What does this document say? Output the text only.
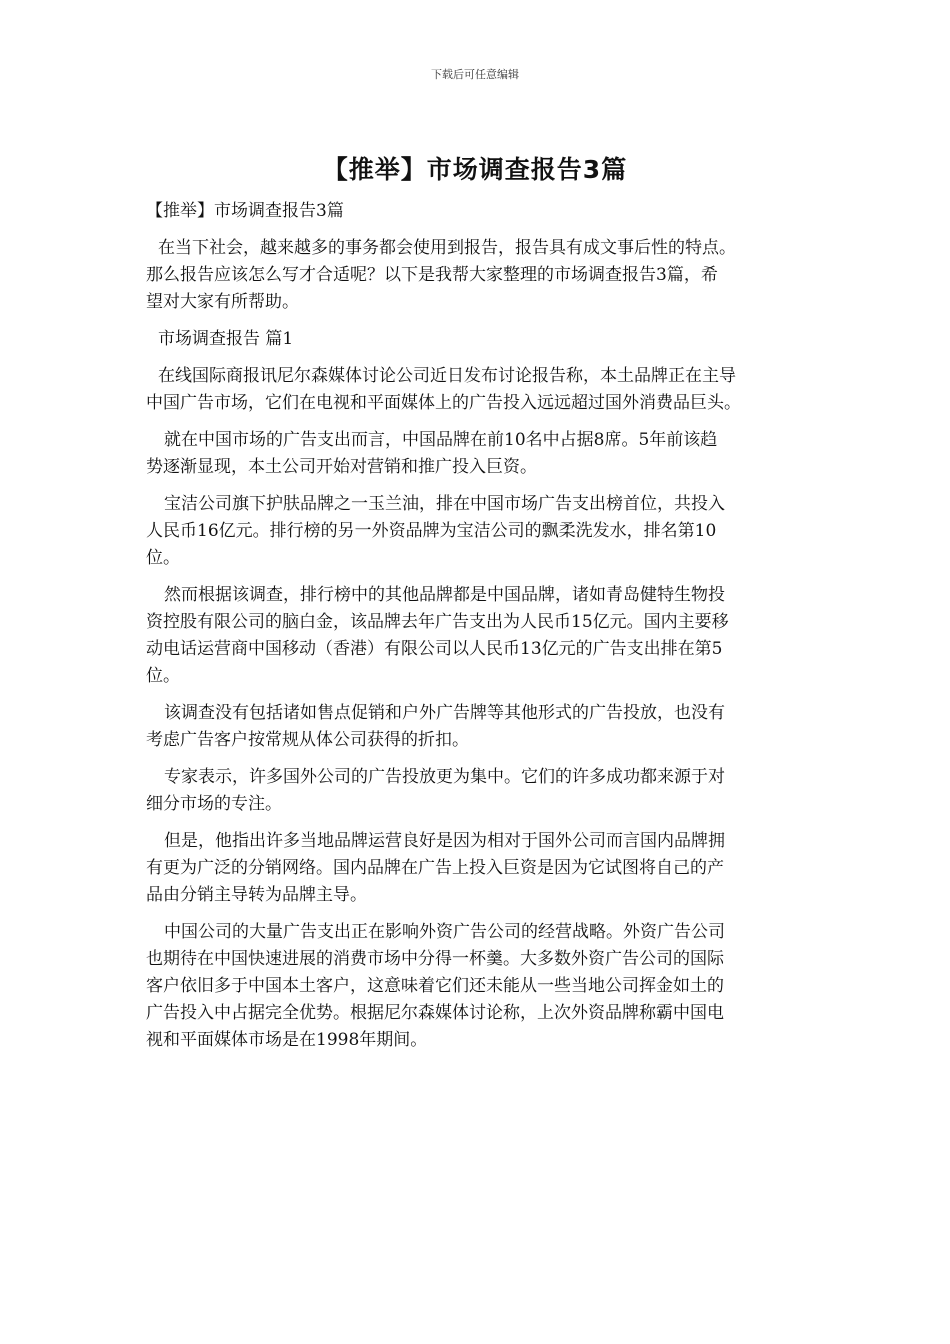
下载后可任意编辑
【推举】市场调查报告3篇
【推举】市场调查报告3篇
在当下社会，越来越多的事务都会使用到报告，报告具有成文事后性的特点。
那么报告应该怎么写才合适呢？以下是我帮大家整理的市场调查报告3篇，希
望对大家有所帮助。
市场调查报告 篇1
在线国际商报讯尼尔森媒体讨论公司近日发布讨论报告称，本土品牌正在主导
中国广告市场，它们在电视和平面媒体上的广告投入远远超过国外消费品巨头。
就在中国市场的广告支出而言，中国品牌在前10名中占据8席。5年前该趋
势逐渐显现，本土公司开始对营销和推广投入巨资。
宝洁公司旗下护肤品牌之一玉兰油，排在中国市场广告支出榜首位，共投入
人民币16亿元。排行榜的另一外资品牌为宝洁公司的飘柔洗发水，排名第10
位。
然而根据该调查，排行榜中的其他品牌都是中国品牌，诸如青岛健特生物投
资控股有限公司的脑白金，该品牌去年广告支出为人民币15亿元。国内主要移
动电话运营商中国移动（香港）有限公司以人民币13亿元的广告支出排在第5
位。
该调查没有包括诸如售点促销和户外广告牌等其他形式的广告投放，也没有
考虑广告客户按常规从体公司获得的折扣。
专家表示，许多国外公司的广告投放更为集中。它们的许多成功都来源于对
细分市场的专注。
但是，他指出许多当地品牌运营良好是因为相对于国外公司而言国内品牌拥
有更为广泛的分销网络。国内品牌在广告上投入巨资是因为它试图将自己的产
品由分销主导转为品牌主导。
中国公司的大量广告支出正在影响外资广告公司的经营战略。外资广告公司
也期待在中国快速进展的消费市场中分得一杯羹。大多数外资广告公司的国际
客户依旧多于中国本土客户，这意味着它们还未能从一些当地公司挥金如土的
广告投入中占据完全优势。根据尼尔森媒体讨论称，上次外资品牌称霸中国电
视和平面媒体市场是在1998年期间。
